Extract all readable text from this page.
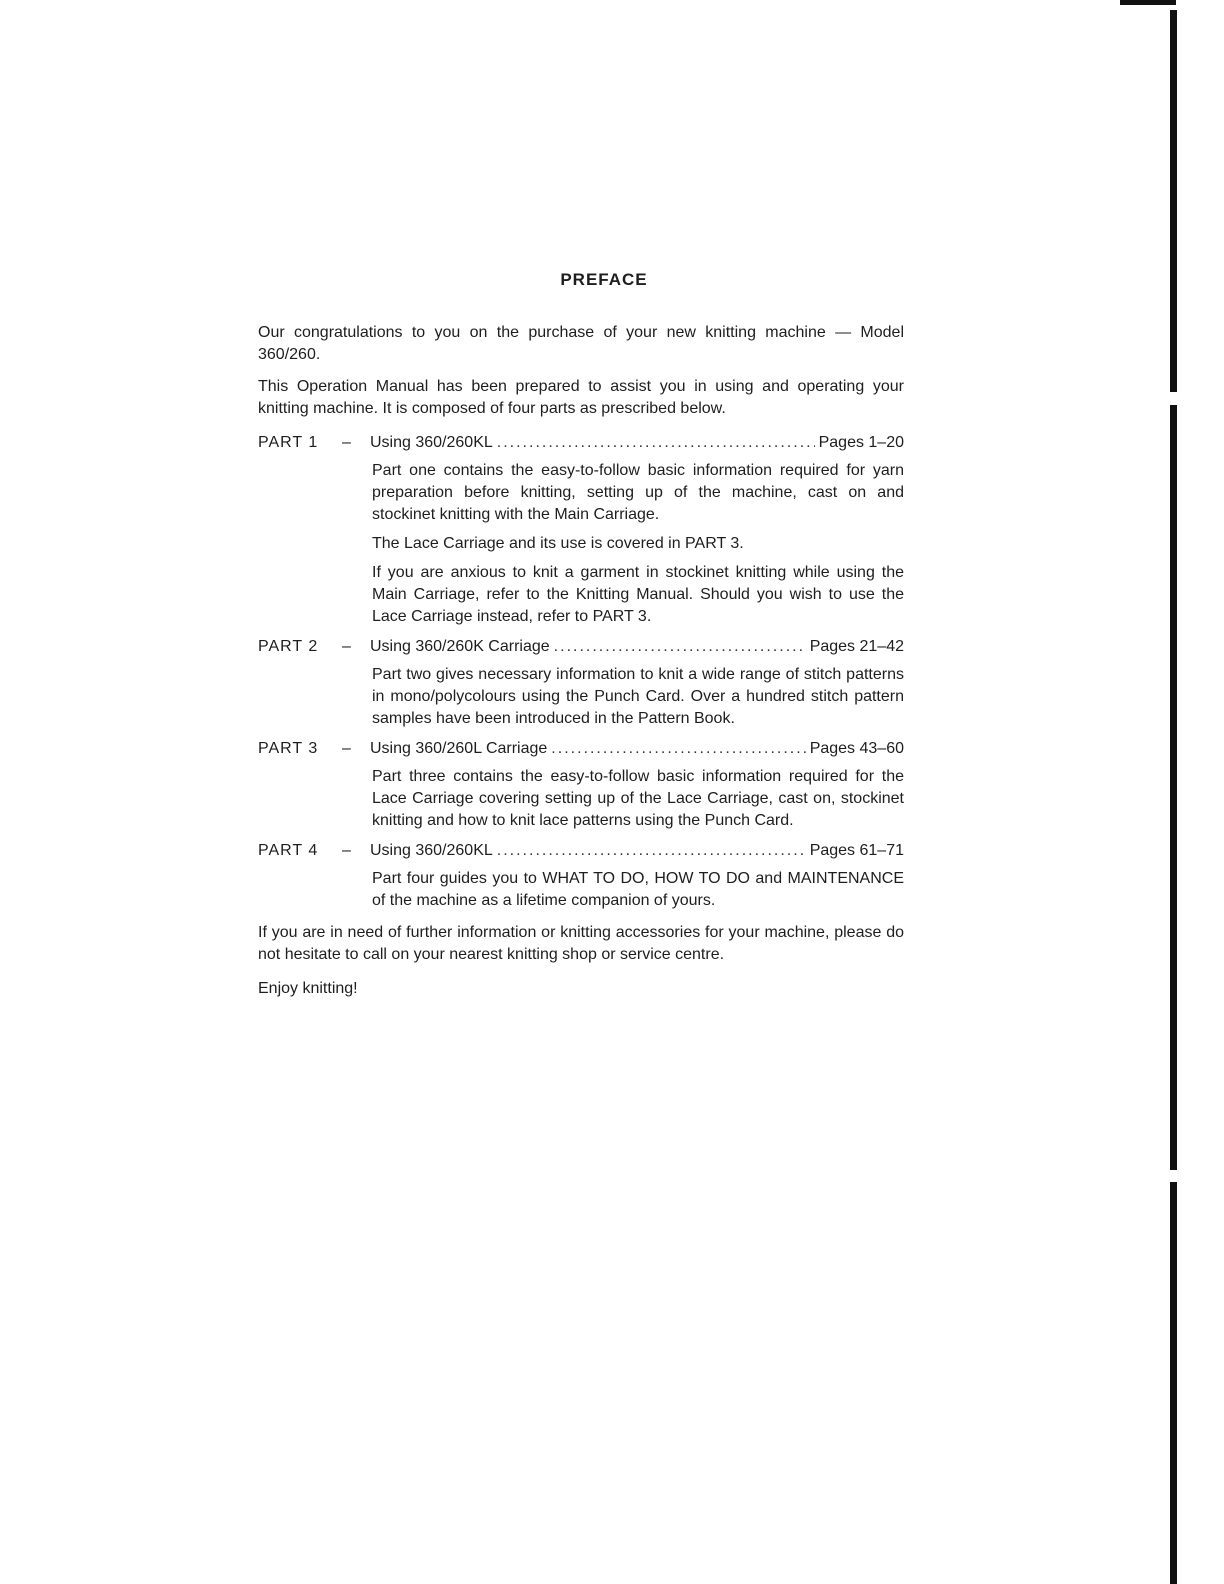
PREFACE

Our congratulations to you on the purchase of your new knitting machine — Model 360/260.

This Operation Manual has been prepared to assist you in using and operating your knitting machine. It is composed of four parts as prescribed below.

PART 1	–	Using 360/260KL .....	Pages 1–20

Part one contains the easy-to-follow basic information required for yarn preparation before knitting, setting up of the machine, cast on and stockinet knitting with the Main Carriage.

The Lace Carriage and its use is covered in PART 3.

If you are anxious to knit a garment in stockinet knitting while using the Main Carriage, refer to the Knitting Manual. Should you wish to use the Lace Carriage instead, refer to PART 3.

PART 2	–	Using 360/260K Carriage .....	Pages 21–42

Part two gives necessary information to knit a wide range of stitch patterns in mono/polycolours using the Punch Card. Over a hundred stitch pattern samples have been introduced in the Pattern Book.

PART 3	–	Using 360/260L Carriage .....	Pages 43–60

Part three contains the easy-to-follow basic information required for the Lace Carriage covering setting up of the Lace Carriage, cast on, stockinet knitting and how to knit lace patterns using the Punch Card.

PART 4	–	Using 360/260KL .....	Pages 61–71

Part four guides you to WHAT TO DO, HOW TO DO and MAINTENANCE of the machine as a lifetime companion of yours.

If you are in need of further information or knitting accessories for your machine, please do not hesitate to call on your nearest knitting shop or service centre.

Enjoy knitting!
